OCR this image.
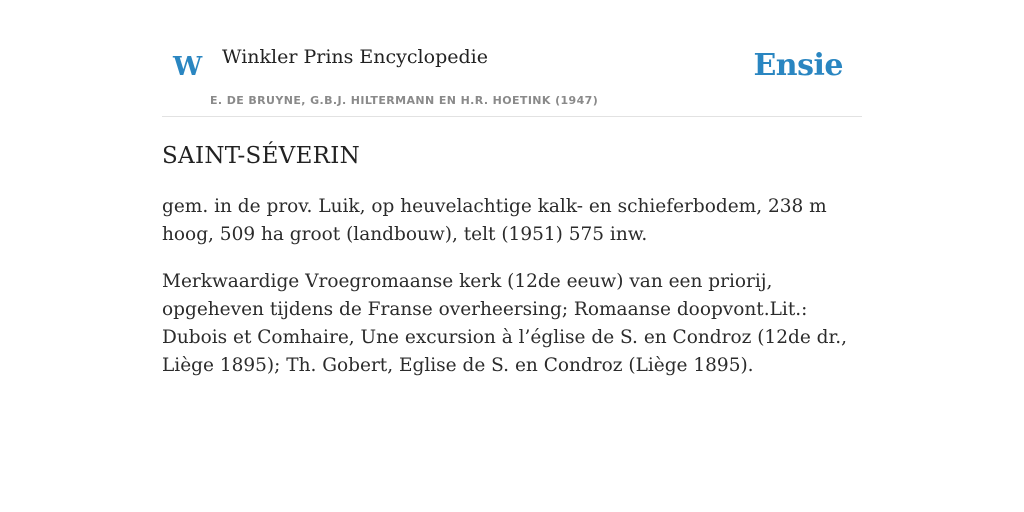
W Winkler Prins Encyclopedie
E. DE BRUYNE, G.B.J. HILTERMANN EN H.R. HOETINK (1947)
Ensie
SAINT-SÉVERIN

gem. in de prov. Luik, op heuvelachtige kalk- en schieferbodem, 238 m hoog, 509 ha groot (landbouw), telt (1951) 575 inw.

Merkwaardige Vroegromaanse kerk (12de eeuw) van een priorij, opgeheven tijdens de Franse overheersing; Romaanse doopvont.Lit.: Dubois et Comhaire, Une excursion à l’église de S. en Condroz (12de dr., Liège 1895); Th. Gobert, Eglise de S. en Condroz (Liège 1895).
